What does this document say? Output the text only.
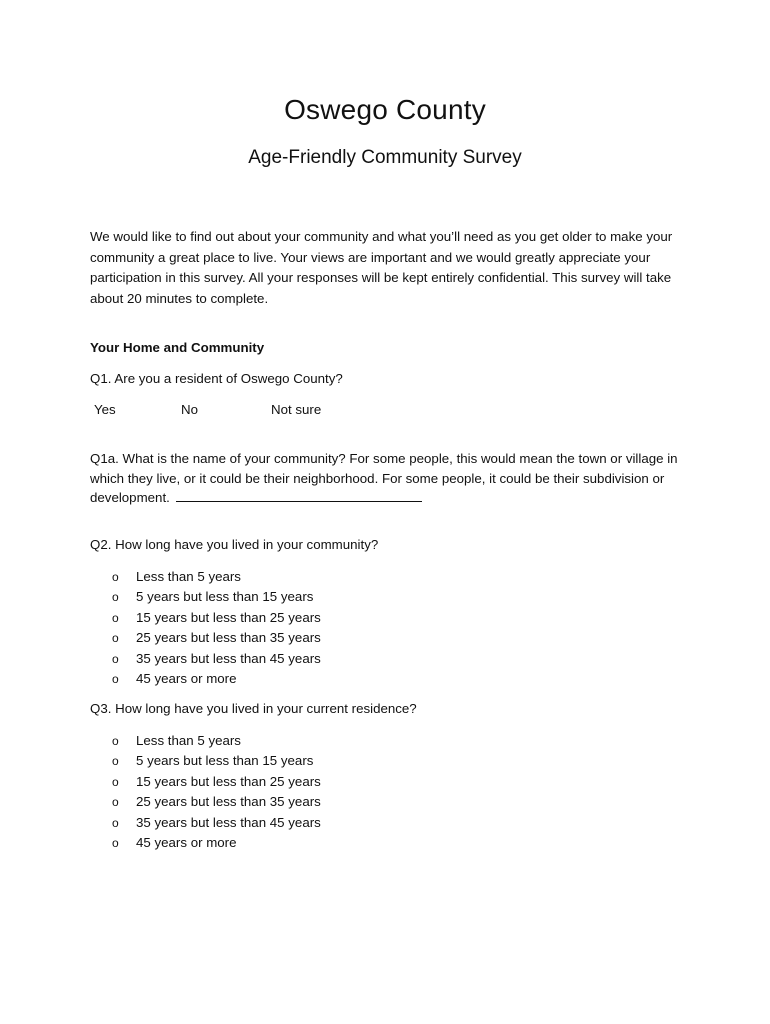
Oswego County
Age-Friendly Community Survey

We would like to find out about your community and what you’ll need as you get older to make your community a great place to live. Your views are important and we would greatly appreciate your participation in this survey. All your responses will be kept entirely confidential. This survey will take about 20 minutes to complete.

Your Home and Community

Q1. Are you a resident of Oswego County?

Yes	No	Not sure

Q1a. What is the name of your community? For some people, this would mean the town or village in which they live, or it could be their neighborhood. For some people, it could be their subdivision or development.

Q2. How long have you lived in your community?

o Less than 5 years
o 5 years but less than 15 years
o 15 years but less than 25 years
o 25 years but less than 35 years
o 35 years but less than 45 years
o 45 years or more

Q3. How long have you lived in your current residence?

o Less than 5 years
o 5 years but less than 15 years
o 15 years but less than 25 years
o 25 years but less than 35 years
o 35 years but less than 45 years
o 45 years or more
